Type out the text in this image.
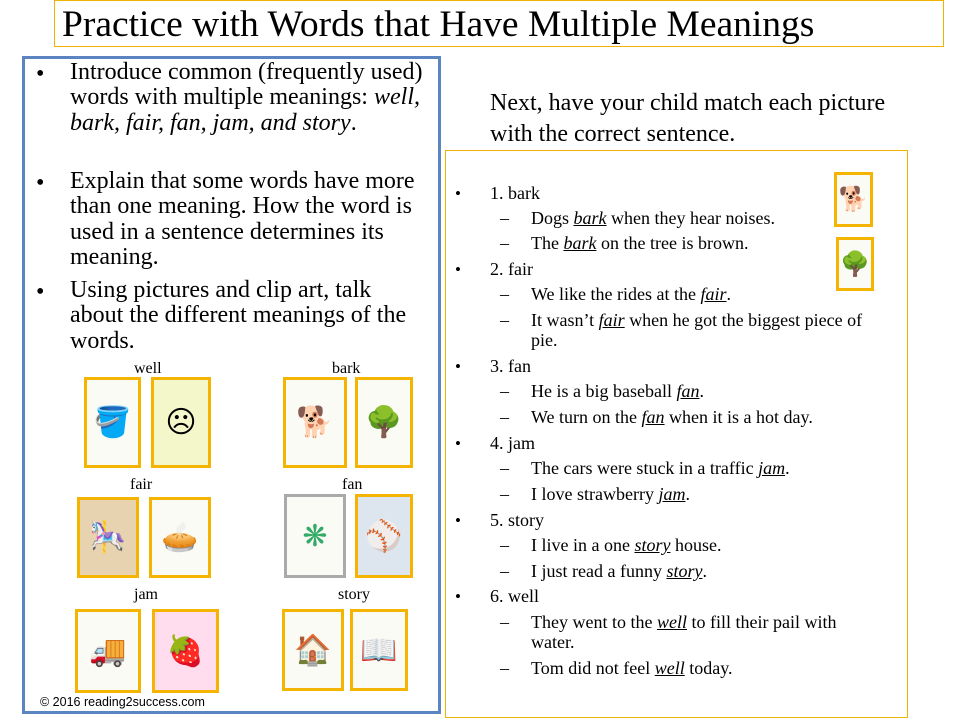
Practice with Words that Have Multiple Meanings
• Introduce common (frequently used) words with multiple meanings: well, bark, fair, fan, jam, and story.
• Explain that some words have more than one meaning. How the word is used in a sentence determines its meaning.
• Using pictures and clip art, talk about the different meanings of the words.
well	bark
fair	fan
jam	story
🪣	☹	🐕	🌳
🎠	🥧	❋	⚾
🚚	🍓	🏠 📖
© 2016 reading2success.com
Next, have your child match each picture with the correct sentence.
• 1. bark
– Dogs bark when they hear noises.
– The bark on the tree is brown.
• 2. fair
– We like the rides at the fair.
– It wasn’t fair when he got the biggest piece of pie.
• 3. fan
– He is a big baseball fan.
– We turn on the fan when it is a hot day.
• 4. jam
– The cars were stuck in a traffic jam.
– I love strawberry jam.
• 5. story
– I live in a one story house.
– I just read a funny story.
• 6. well
– They went to the well to fill their pail with water.
– Tom did not feel well today.
🐕
🌳
